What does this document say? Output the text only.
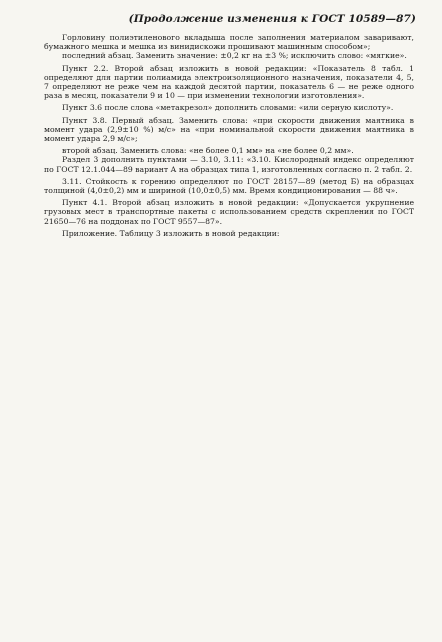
(Продолжение изменения к ГОСТ 10589—87)

Горловину полиэтиленового вкладыша после заполнения материалом заваривают, бумажного мешка и мешка из винидискожи прошивают машинным способом»;

последний абзац. Заменить значение: ±0,2 кг на ±3 %; исключить слово: «мягкие».

Пункт 2.2. Второй абзац изложить в новой редакции: «Показатель 8 табл. 1 определяют для партии полиамида электроизоляционного назначения, показатели 4, 5, 7 определяют не реже чем на каждой десятой партии, показатель 6 — не реже одного раза в месяц, показатели 9 и 10 — при изменении технологии изготовления».

Пункт 3.6 после слова «метакрезол» дополнить словами: «или серную кислоту».

Пункт 3.8. Первый абзац. Заменить слова: «при скорости движения маятника в момент удара (2,9±10 %) м/с» на «при номинальной скорости движения маятника в момент удара 2,9 м/с»;

второй абзац. Заменить слова: «не более 0,1 мм» на «не более 0,2 мм».

Раздел 3 дополнить пунктами — 3.10, 3.11: «3.10. Кислородный индекс определяют по ГОСТ 12.1.044—89 вариант А на образцах типа 1, изготовленных согласно п. 2 табл. 2.

3.11. Стойкость к горению определяют по ГОСТ 28157—89 (метод Б) на образцах толщиной (4,0±0,2) мм и шириной (10,0±0,5) мм. Время кондиционирования — 88 ч».

Пункт 4.1. Второй абзац изложить в новой редакции: «Допускается укрупнение грузовых мест в транспортные пакеты с использованием средств скрепления по ГОСТ 21650—76 на поддонах по ГОСТ 9557—87».

Приложение. Таблицу 3 изложить в новой редакции:
